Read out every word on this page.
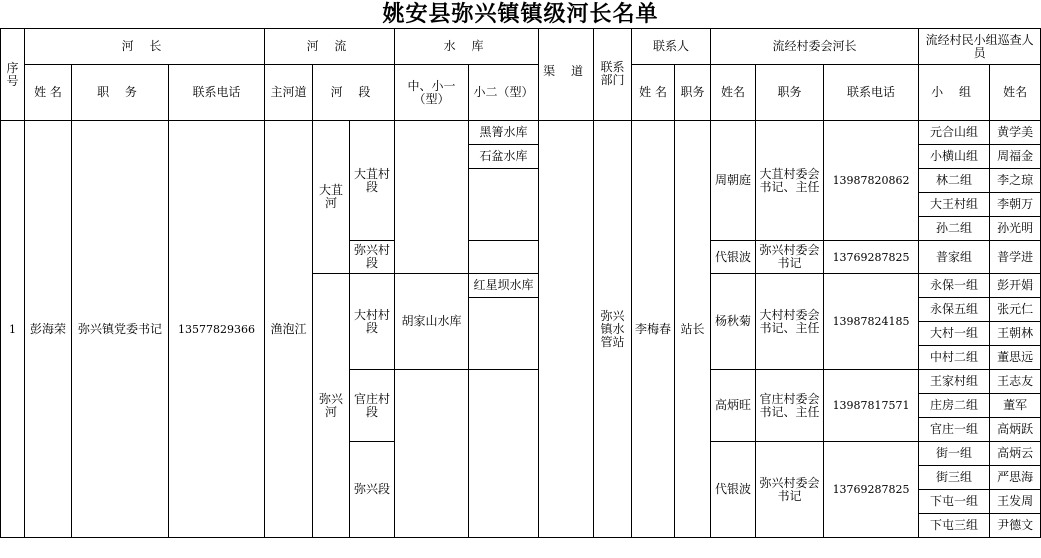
姚安县弥兴镇镇级河长名单
序号	河 长			河 流			水 库		渠 道	联系部门	联系人		流经村委会河长			流经村民小组巡查人员	
	姓 名	职 务	联系电话	主河道	河 段		中、小一（型）	小二（型）			姓 名	职务	姓名	职务	联系电话	小 组	姓名
1	彭海荣	弥兴镇党委书记	13577829366	渔泡江	大苴河	大苴村段		黑箐水库		弥兴镇水管站	李梅春	站长	周朝庭	大苴村委会书记、主任	13987820862	元合山组	黄学美
								石盆水库								小横山组	周福金
																林二组	李之琼
																大王村组	李朝万
																孙二组	孙光明
						弥兴村段							代银波	弥兴村委会书记	13769287825	普家组	普学进
					弥兴河	大村村段	胡家山水库	红星坝水库					杨秋菊	大村村委会书记、主任	13987824185	永保一组	彭开娟
																永保五组	张元仁
																大村一组	王朝林
																中村二组	董思远
						官庄村段							高炳旺	官庄村委会书记、主任	13987817571	王家村组	王志友
																庄房二组	董军
																官庄一组	高炳跃
						弥兴段							代银波	弥兴村委会书记	13769287825	街一组	高炳云
																街三组	严思海
																下屯一组	王发周
																下屯三组	尹德文
